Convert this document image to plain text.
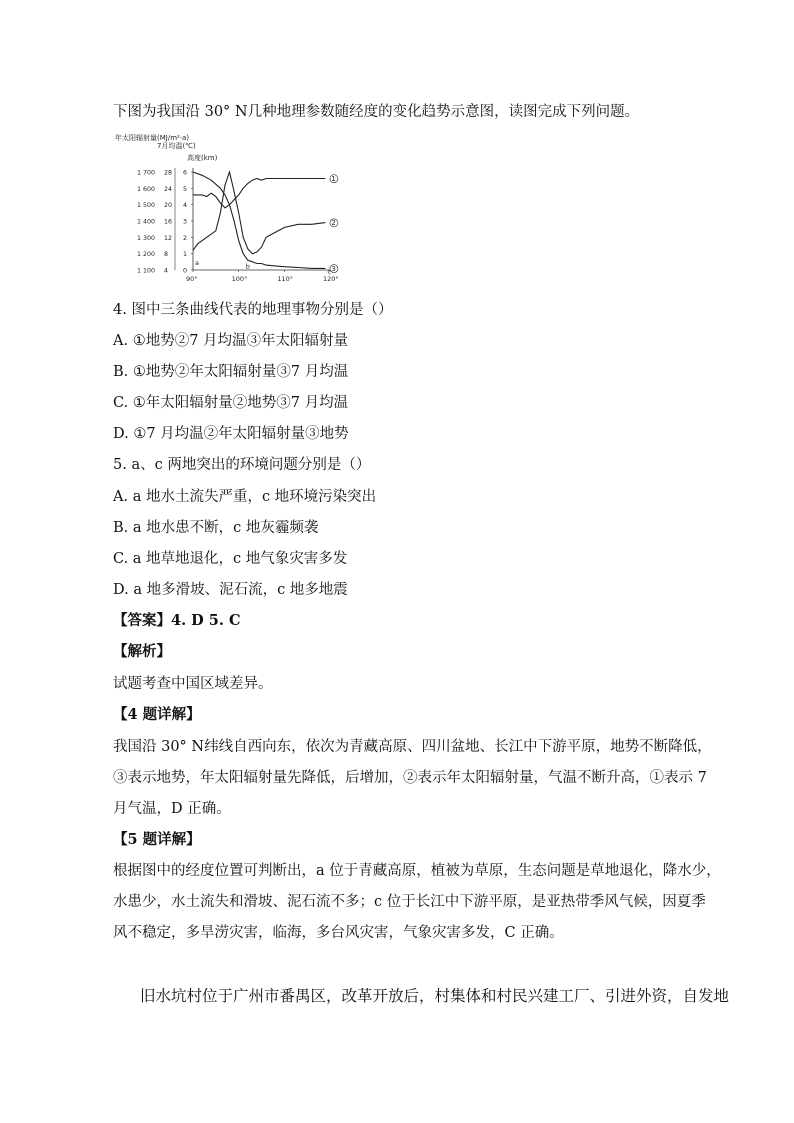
下图为我国沿 30° N几种地理参数随经度的变化趋势示意图，读图完成下列问题。
年太阳辐射量(MJ/m²·a)
7月均温(℃)
高度(km)
1 700 28 6
1 600 24 5
1 500 20 4
1 400 16 3
1 300 12 2
1 200 8 1
1 100 4 0
90°	100°	110°	120°
1
2
3
a	b
c
4. 图中三条曲线代表的地理事物分别是（）
A. ①地势②7 月均温③年太阳辐射量
B. ①地势②年太阳辐射量③7 月均温
C. ①年太阳辐射量②地势③7 月均温
D. ①7 月均温②年太阳辐射量③地势
5. a、c 两地突出的环境问题分别是（）
A. a 地水土流失严重，c 地环境污染突出
B. a 地水患不断，c 地灰霾频袭
C. a 地草地退化，c 地气象灾害多发
D. a 地多滑坡、泥石流，c 地多地震
【答案】4. D 5. C
【解析】
试题考查中国区域差异。
【4 题详解】
我国沿 30° N纬线自西向东，依次为青藏高原、四川盆地、长江中下游平原，地势不断降低，
③表示地势，年太阳辐射量先降低，后增加，②表示年太阳辐射量，气温不断升高，①表示 7
月气温，D 正确。
【5 题详解】
根据图中的经度位置可判断出，a 位于青藏高原，植被为草原，生态问题是草地退化，降水少，
水患少，水土流失和滑坡、泥石流不多；c 位于长江中下游平原，是亚热带季风气候，因夏季
风不稳定，多旱涝灾害，临海，多台风灾害，气象灾害多发，C 正确。
旧水坑村位于广州市番禺区，改革开放后，村集体和村民兴建工厂、引进外资，自发地
